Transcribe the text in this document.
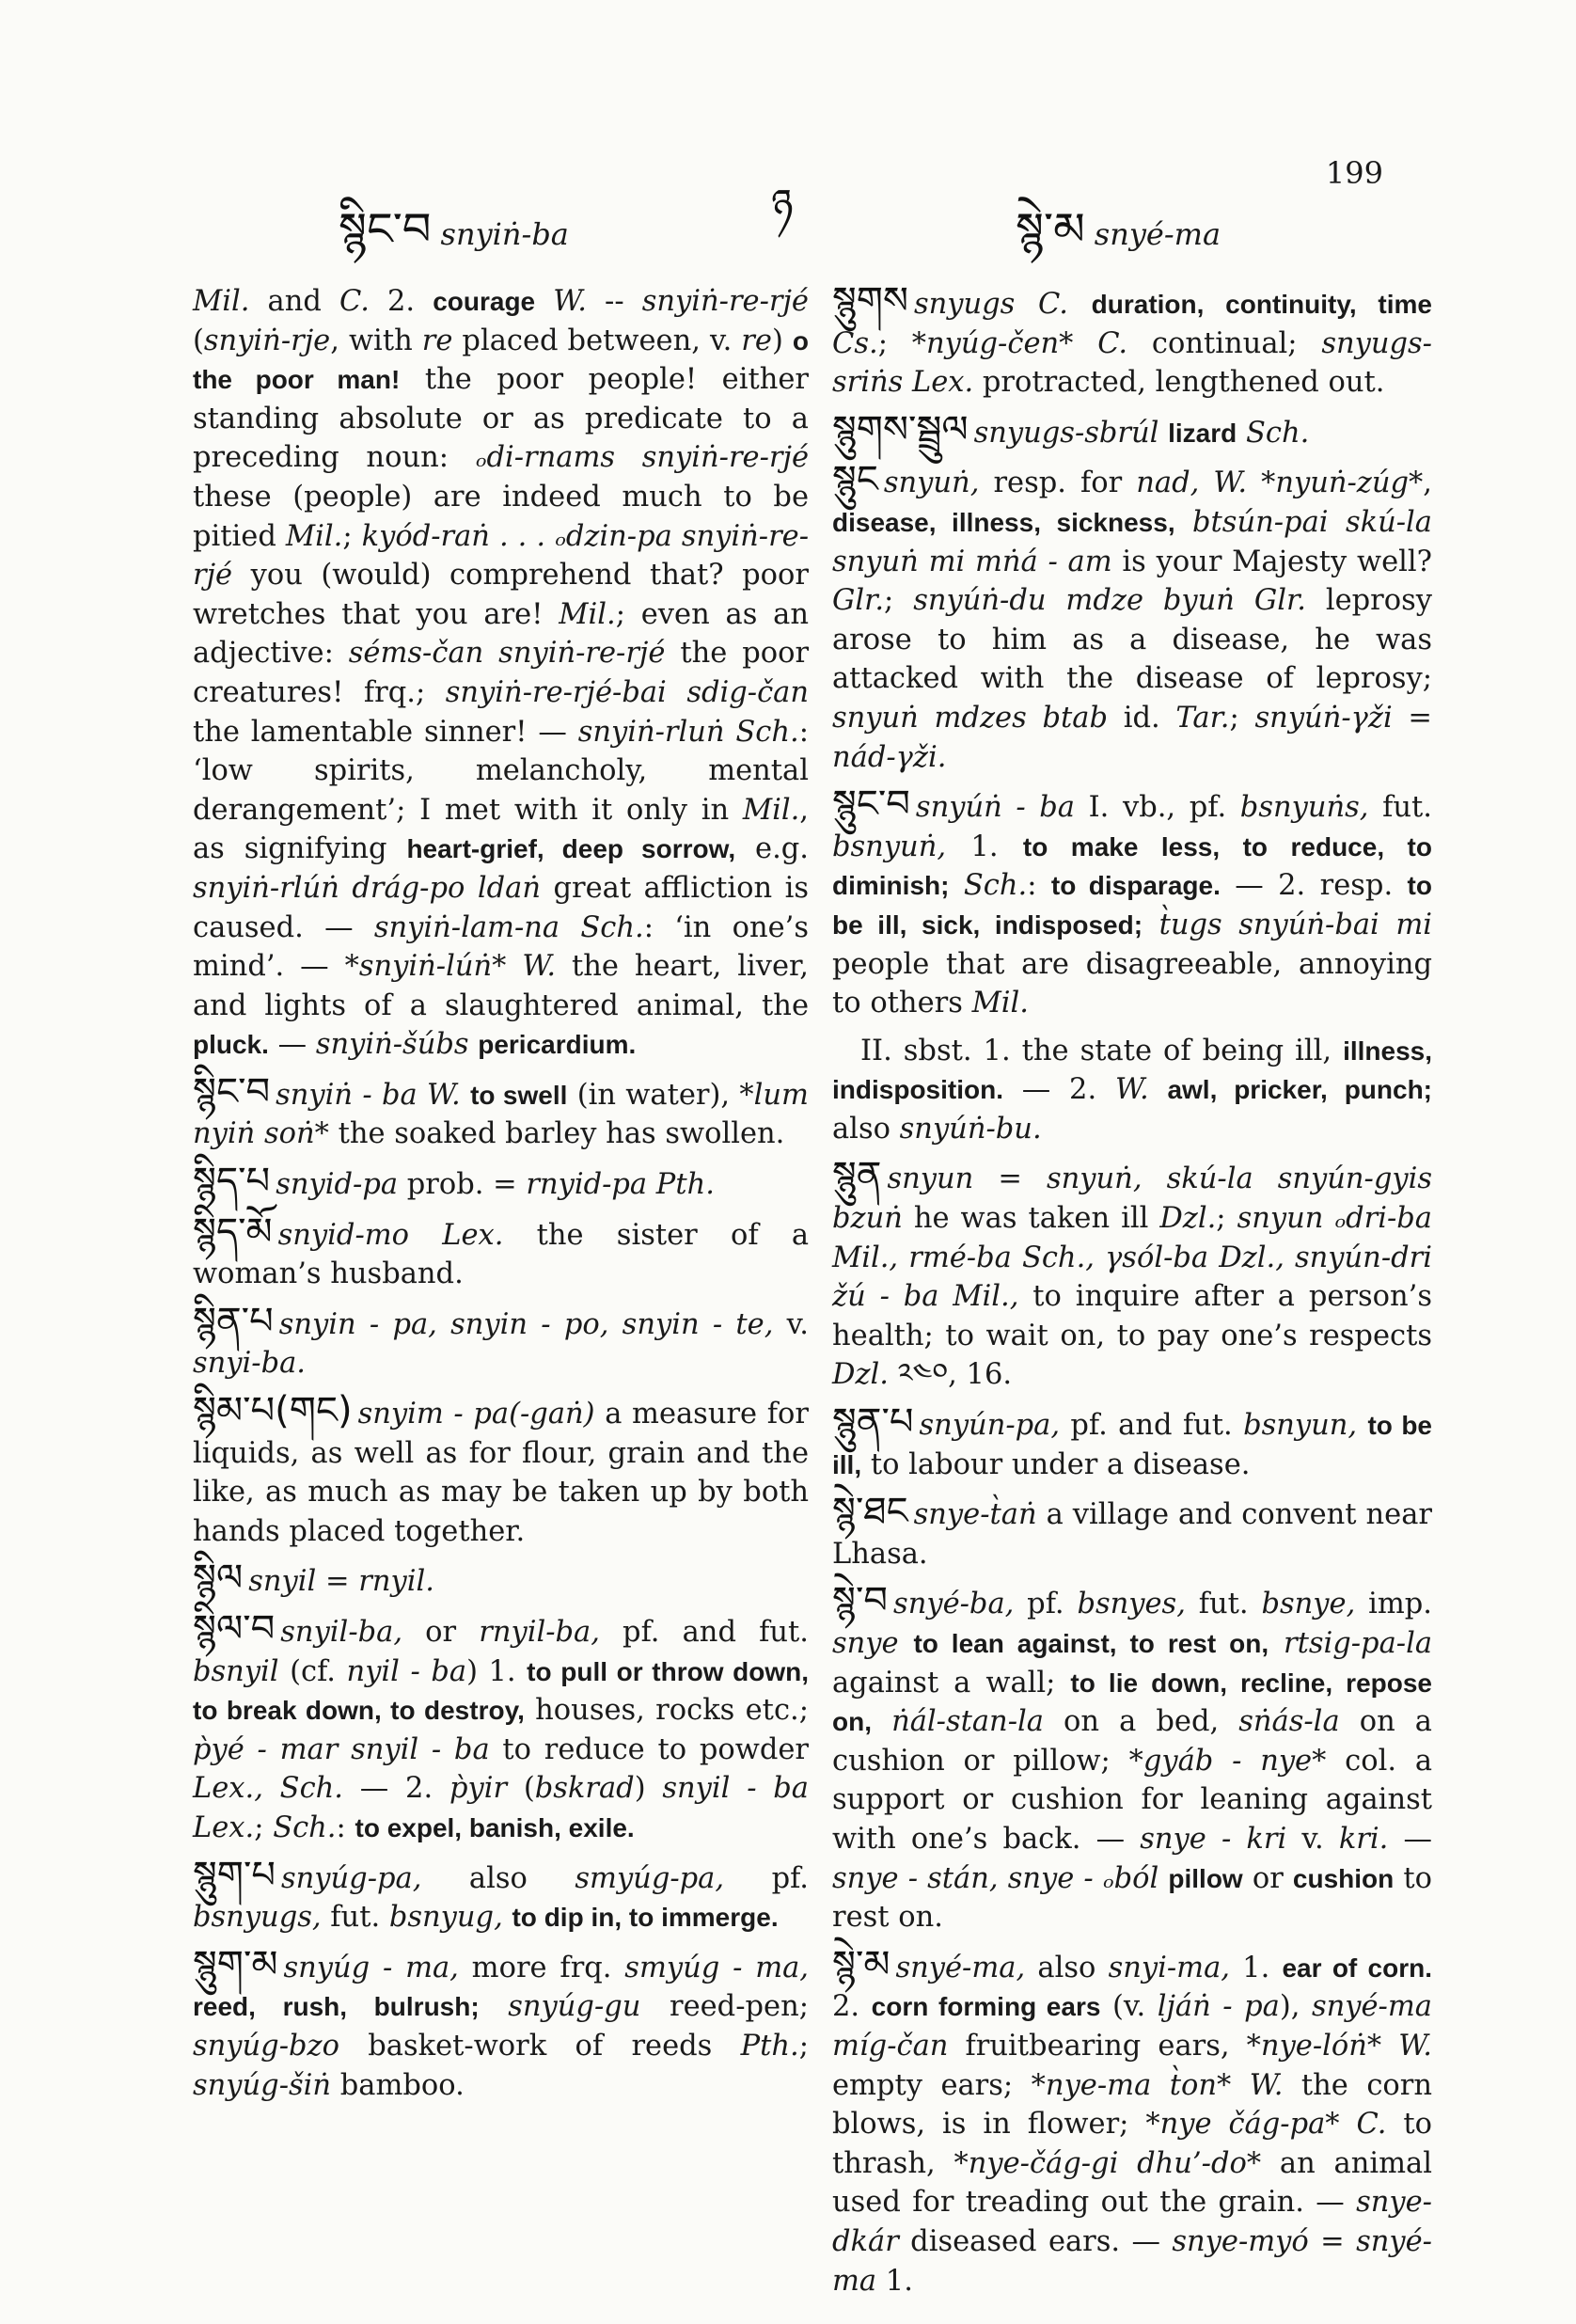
སྙིང་བ snyiṅ-ba
ཉ	སྙེ་མ snyé-ma
199
Mil. and C. 2. courage W. -- snyiṅ-re-rjé (snyiṅ-rje, with re placed between, v. re) o the poor man! the poor people! either standing absolute or as predicate to a preceding noun: ₒdi-rnams snyiṅ-re-rjé these (people) are indeed much to be pitied Mil.; kyód-raṅ . . . ₒdzin-pa snyiṅ-re-rjé you (would) comprehend that? poor wretches that you are! Mil.; even as an adjective: séms-čan snyiṅ-re-rjé the poor creatures! frq.; snyiṅ-re-rjé-bai sdig-čan the lamentable sinner! — snyiṅ-rluṅ Sch.: ‘low spirits, melancholy, mental derangement’; I met with it only in Mil., as signifying heart-grief, deep sorrow, e.g. snyiṅ-rlúṅ drág-po ldaṅ great affliction is caused. — snyiṅ-lam-na Sch.: ‘in one’s mind’. — *snyiṅ-lúṅ* W. the heart, liver, and lights of a slaughtered animal, the pluck. — snyiṅ-šúbs pericardium.
སྙིང་བ snyiṅ - ba W. to swell (in water), *lum nyiṅ soṅ* the soaked barley has swollen.
སྙིད་པ snyid-pa prob. = rnyid-pa Pth.
སྙིད་མོ snyid-mo Lex. the sister of a woman’s husband.
སྙིན་པ snyin - pa, snyin - po, snyin - te, v. snyi-ba.
སྙིམ་པ(གང) snyim - pa(-gaṅ) a measure for liquids, as well as for flour, grain and the like, as much as may be taken up by both hands placed together.
སྙིལ snyil = rnyil.
སྙིལ་བ snyil-ba, or rnyil-ba, pf. and fut. bsnyil (cf. nyil - ba) 1. to pull or throw down, to break down, to destroy, houses, rocks etc.; p̀yé - mar snyil - ba to reduce to powder Lex., Sch. — 2. p̀yir (bskrad) snyil - ba Lex.; Sch.: to expel, banish, exile.
སྙུག་པ snyúg-pa, also smyúg-pa, pf. bsnyugs, fut. bsnyug, to dip in, to immerge.
སྙུག་མ snyúg - ma, more frq. smyúg - ma, reed, rush, bulrush; snyúg-gu reed-pen; snyúg-bzo basket-work of reeds Pth.; snyúg-šiṅ bamboo.
སྙུགས snyugs C. duration, continuity, time Cs.; *nyúg-čen* C. continual; snyugs-sriṅs Lex. protracted, lengthened out.
སྙུགས་སྦྲུལ snyugs-sbrúl lizard Sch.
སྙུང snyuṅ, resp. for nad, W. *nyuṅ-zúg*, disease, illness, sickness, btsún-pai skú-la snyuṅ mi mṅá - am is your Majesty well? Glr.; snyúṅ-du mdze byuṅ Glr. leprosy arose to him as a disease, he was attacked with the disease of leprosy; snyuṅ mdzes btab id. Tar.; snyúṅ-γži = nád-γži.
སྙུང་བ snyúṅ - ba I. vb., pf. bsnyuṅs, fut. bsnyuṅ, 1. to make less, to reduce, to diminish; Sch.: to disparage. — 2. resp. to be ill, sick, indisposed; t̀ugs snyúṅ-bai mi people that are disagreeable, annoying to others Mil.
II. sbst. 1. the state of being ill, illness, indisposition. — 2. W. awl, pricker, punch; also snyúṅ-bu.
སྙུན snyun = snyuṅ, skú-la snyún-gyis bzuṅ he was taken ill Dzl.; snyun ₒdri-ba Mil., rmé-ba Sch., γsól-ba Dzl., snyún-dri žú - ba Mil., to inquire after a person’s health; to wait on, to pay one’s respects Dzl. ༢༤༠, 16.
སྙུན་པ snyún-pa, pf. and fut. bsnyun, to be ill, to labour under a disease.
སྙེ་ཐང snye-t̀aṅ a village and convent near Lhasa.
སྙེ་བ snyé-ba, pf. bsnyes, fut. bsnye, imp. snye to lean against, to rest on, rtsig-pa-la against a wall; to lie down, recline, repose on, ṅál-stan-la on a bed, sṅás-la on a cushion or pillow; *gyáb - nye* col. a support or cushion for leaning against with one’s back. — snye - kri v. kri. — snye - stán, snye - ₒból pillow or cushion to rest on.
སྙེ་མ snyé-ma, also snyi-ma, 1. ear of corn. 2. corn forming ears (v. ljáṅ - pa), snyé-ma míg-čan fruitbearing ears, *nye-lóṅ* W. empty ears; *nye-ma t̀on* W. the corn blows, is in flower; *nye čág-pa* C. to thrash, *nye-čág-gi dhu’-do* an animal used for treading out the grain. — snye-dkár diseased ears. — snye-myó = snyé-ma 1.
